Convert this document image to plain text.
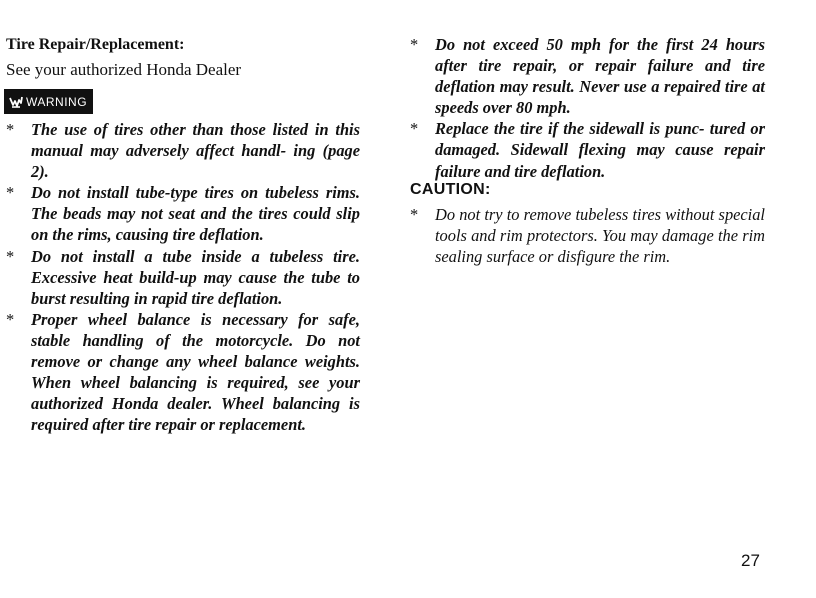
Tire Repair/Replacement:

See your authorized Honda Dealer

WARNING
* The use of tires other than those listed in this manual may adversely affect handl- ing (page 2).
* Do not install tube-type tires on tubeless rims. The beads may not seat and the tires could slip on the rims, causing tire deflation.
* Do not install a tube inside a tubeless tire. Excessive heat build-up may cause the tube to burst resulting in rapid tire deflation.
* Proper wheel balance is necessary for safe, stable handling of the motorcycle. Do not remove or change any wheel balance weights. When wheel balancing is required, see your authorized Honda dealer. Wheel balancing is required after tire repair or replacement.
* Do not exceed 50 mph for the first 24 hours after tire repair, or repair failure and tire deflation may result. Never use a repaired tire at speeds over 80 mph.
* Replace the tire if the sidewall is punc- tured or damaged. Sidewall flexing may cause repair failure and tire deflation.
CAUTION:
* Do not try to remove tubeless tires without special tools and rim protectors. You may damage the rim sealing surface or disfigure the rim.

27
